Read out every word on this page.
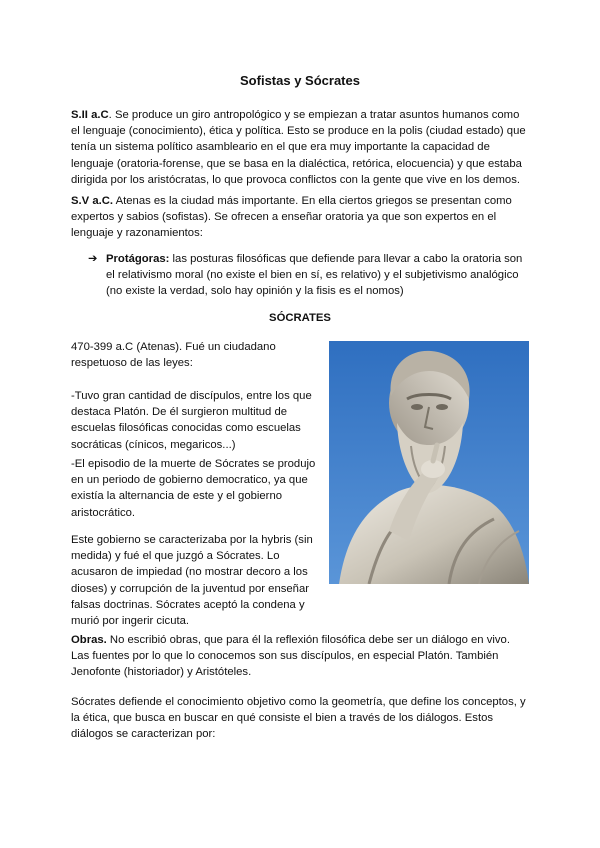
Sofistas y Sócrates

S.II a.C. Se produce un giro antropológico y se empiezan a tratar asuntos humanos como el lenguaje (conocimiento), ética y política. Esto se produce en la polis (ciudad estado) que tenía un sistema político asambleario en el que era muy importante la capacidad de lenguaje (oratoria-forense, que se basa en la dialéctica, retórica, elocuencia) y que estaba dirigida por los aristócratas, lo que provoca conflictos con la gente que vive en los demos.

S.V a.C. Atenas es la ciudad más importante. En ella ciertos griegos se presentan como expertos y sabios (sofistas). Se ofrecen a enseñar oratoria ya que son expertos en el lenguaje y razonamientos:

➔ Protágoras: las posturas filosóficas que defiende para llevar a cabo la oratoria son el relativismo moral (no existe el bien en sí, es relativo) y el subjetivismo analógico (no existe la verdad, solo hay opinión y la fisis es el nomos)
SÓCRATES

470-399 a.C (Atenas). Fué un ciudadano respetuoso de las leyes:

-Tuvo gran cantidad de discípulos, entre los que destaca Platón. De él surgieron multitud de escuelas filosóficas conocidas como escuelas socráticas (cínicos, megaricos...)

-El episodio de la muerte de Sócrates se produjo en un periodo de gobierno democratico, ya que existía la alternancia de este y el gobierno aristocrático.

Este gobierno se caracterizaba por la hybris (sin medida) y fué el que juzgó a Sócrates. Lo acusaron de impiedad (no mostrar decoro a los dioses) y corrupción de la juventud por enseñar falsas doctrinas. Sócrates aceptó la condena y murió por ingerir cicuta.

Obras. No escribió obras, que para él la reflexión filosófica debe ser un diálogo en vivo. Las fuentes por lo que lo conocemos son sus discípulos, en especial Platón. También Jenofonte (historiador) y Aristóteles.

Sócrates defiende el conocimiento objetivo como la geometría, que define los conceptos, y la ética, que busca en buscar en qué consiste el bien a través de los diálogos. Estos diálogos se caracterizan por:
